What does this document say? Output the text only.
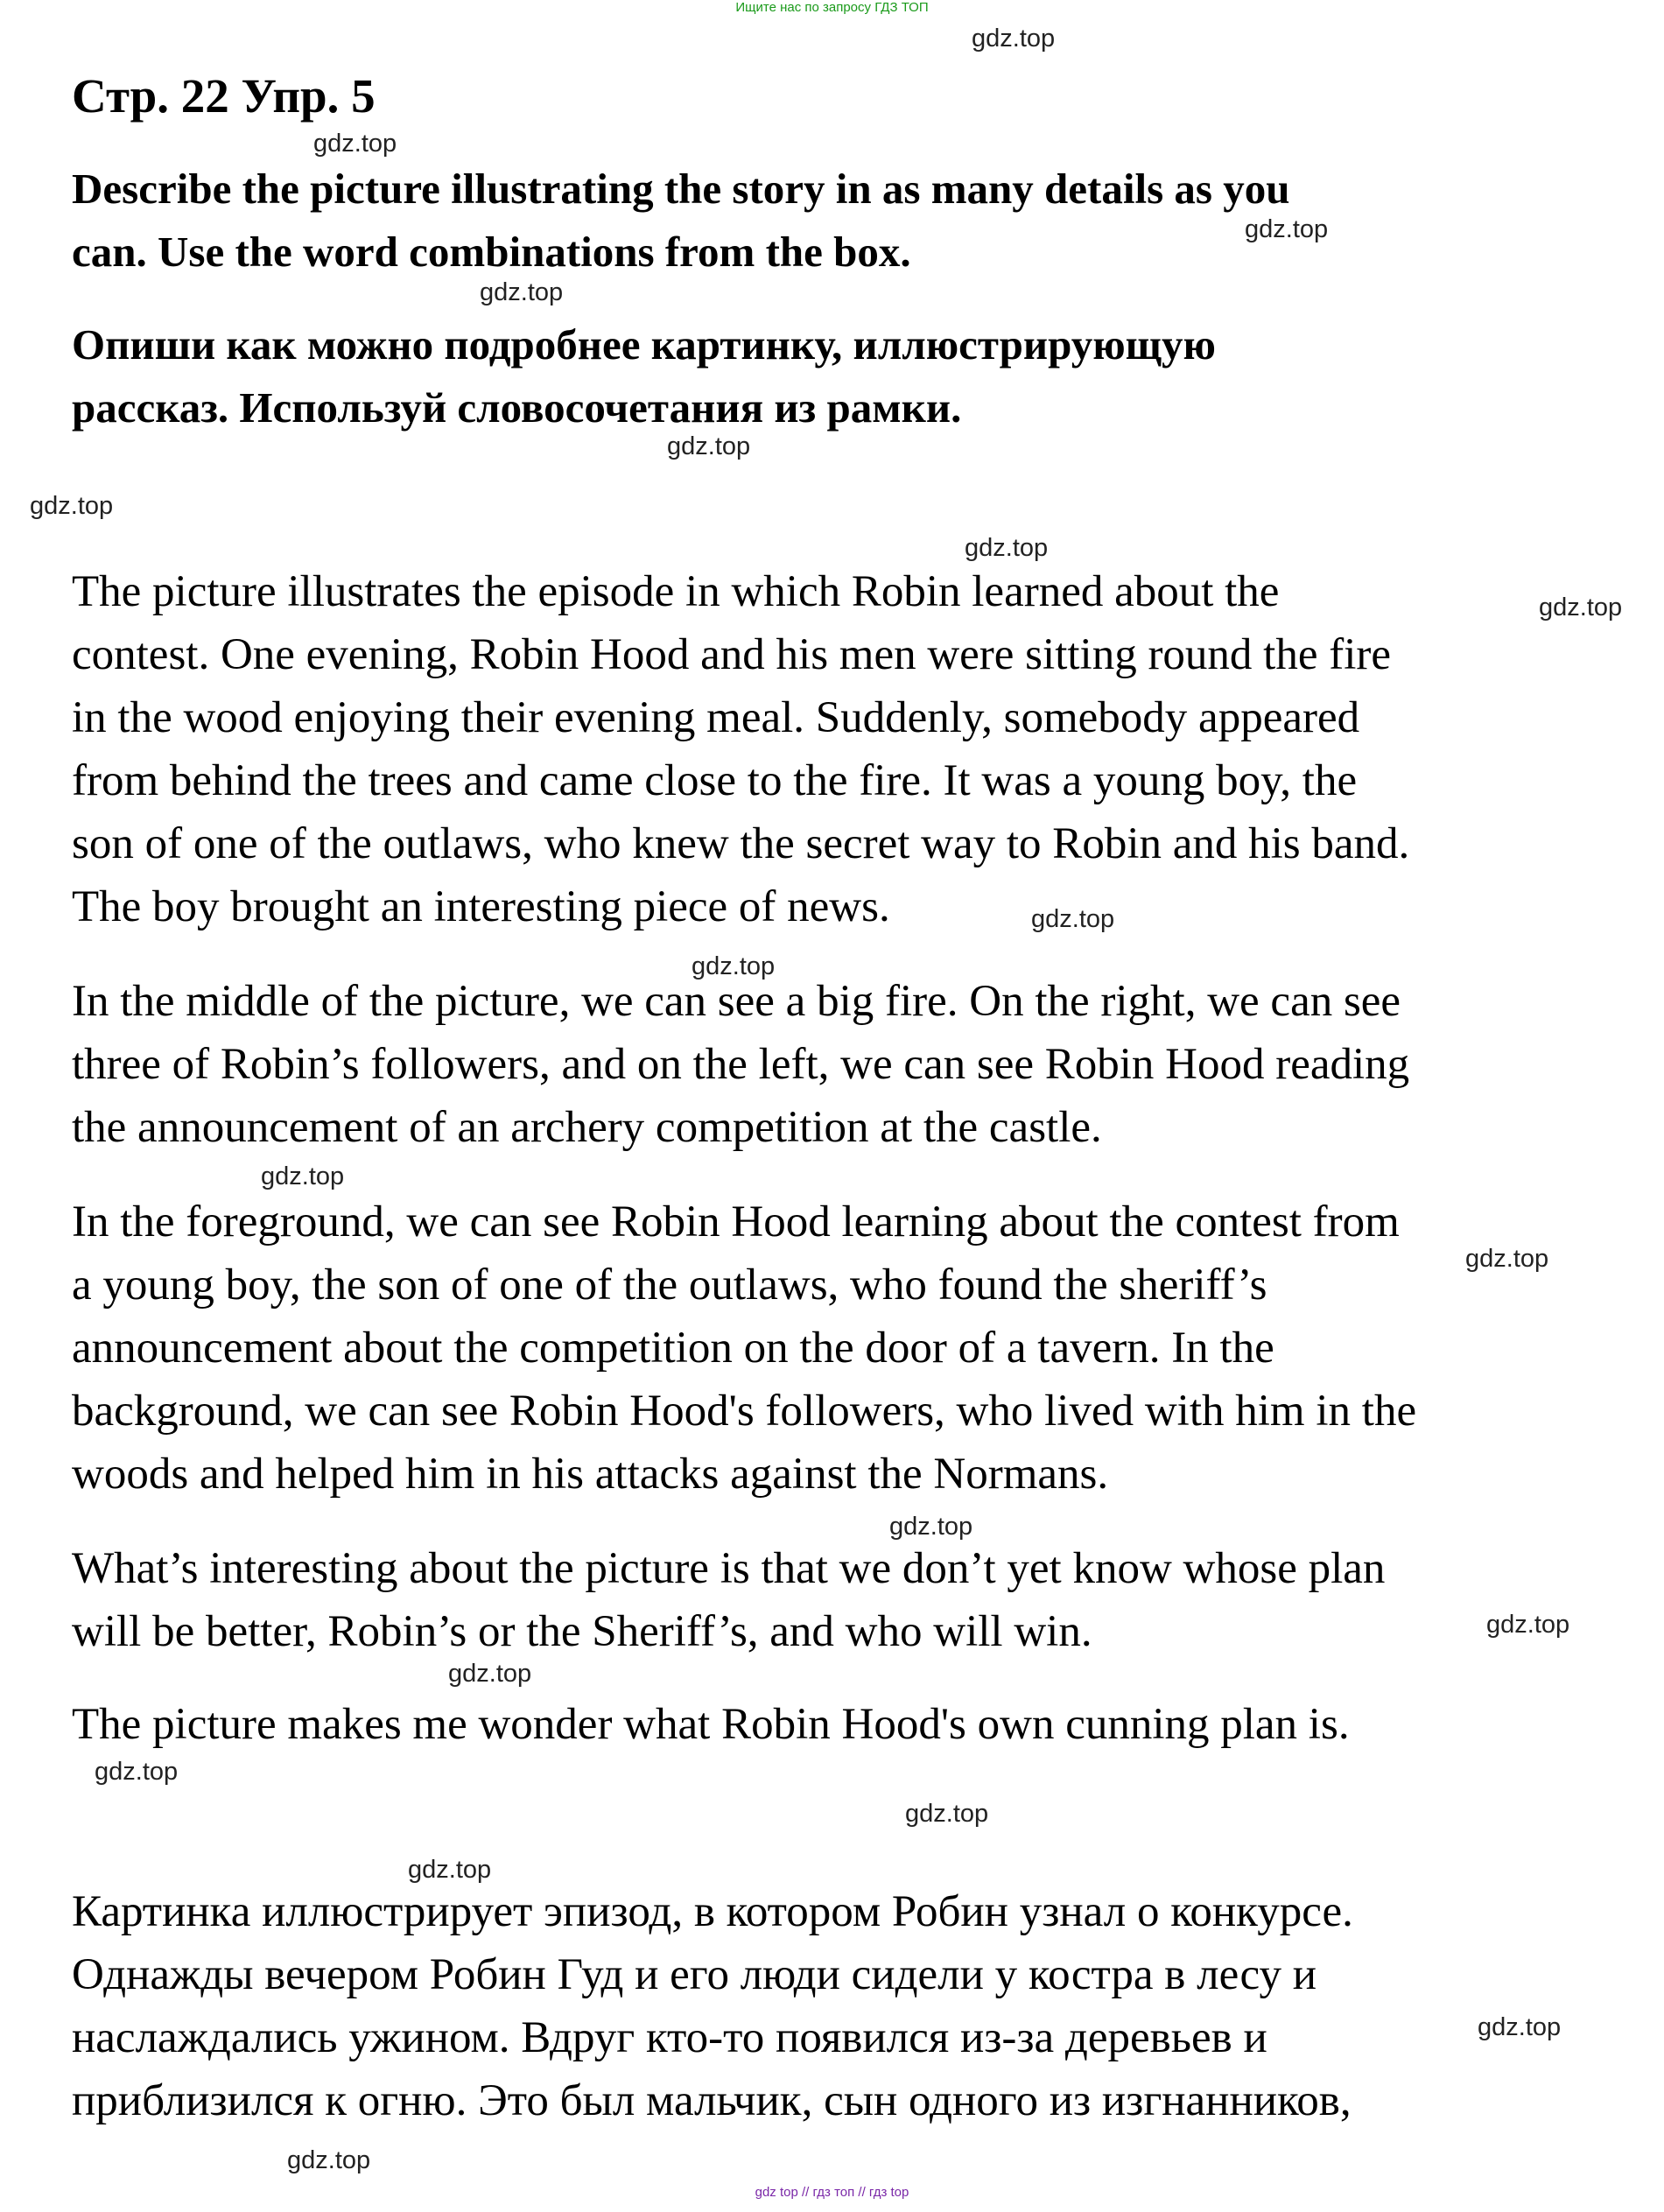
Ищите нас по запросу ГДЗ ТОП
Стр. 22 Упр. 5
Describe the picture illustrating the story in as many details as you
can. Use the word combinations from the box.
Опиши как можно подробнее картинку, иллюстрирующую
рассказ. Используй словосочетания из рамки.
The picture illustrates the episode in which Robin learned about the
contest. One evening, Robin Hood and his men were sitting round the fire
in the wood enjoying their evening meal. Suddenly, somebody appeared
from behind the trees and came close to the fire. It was a young boy, the
son of one of the outlaws, who knew the secret way to Robin and his band.
The boy brought an interesting piece of news.
In the middle of the picture, we can see a big fire. On the right, we can see
three of Robin’s followers, and on the left, we can see Robin Hood reading
the announcement of an archery competition at the castle.
In the foreground, we can see Robin Hood learning about the contest from
a young boy, the son of one of the outlaws, who found the sheriff’s
announcement about the competition on the door of a tavern. In the
background, we can see Robin Hood's followers, who lived with him in the
woods and helped him in his attacks against the Normans.
What’s interesting about the picture is that we don’t yet know whose plan
will be better, Robin’s or the Sheriff’s, and who will win.
The picture makes me wonder what Robin Hood's own cunning plan is.
Картинка иллюстрирует эпизод, в котором Робин узнал о конкурсе.
Однажды вечером Робин Гуд и его люди сидели у костра в лесу и
наслаждались ужином. Вдруг кто-то появился из-за деревьев и
приблизился к огню. Это был мальчик, сын одного из изгнанников,
gdz.top
gdz.top
gdz.top
gdz.top
gdz.top
gdz.top
gdz.top
gdz.top
gdz.top
gdz.top
gdz.top
gdz.top
gdz.top
gdz.top
gdz.top
gdz.top
gdz.top
gdz.top
gdz.top
gdz.top
gdz top // гдз топ // гдз top
